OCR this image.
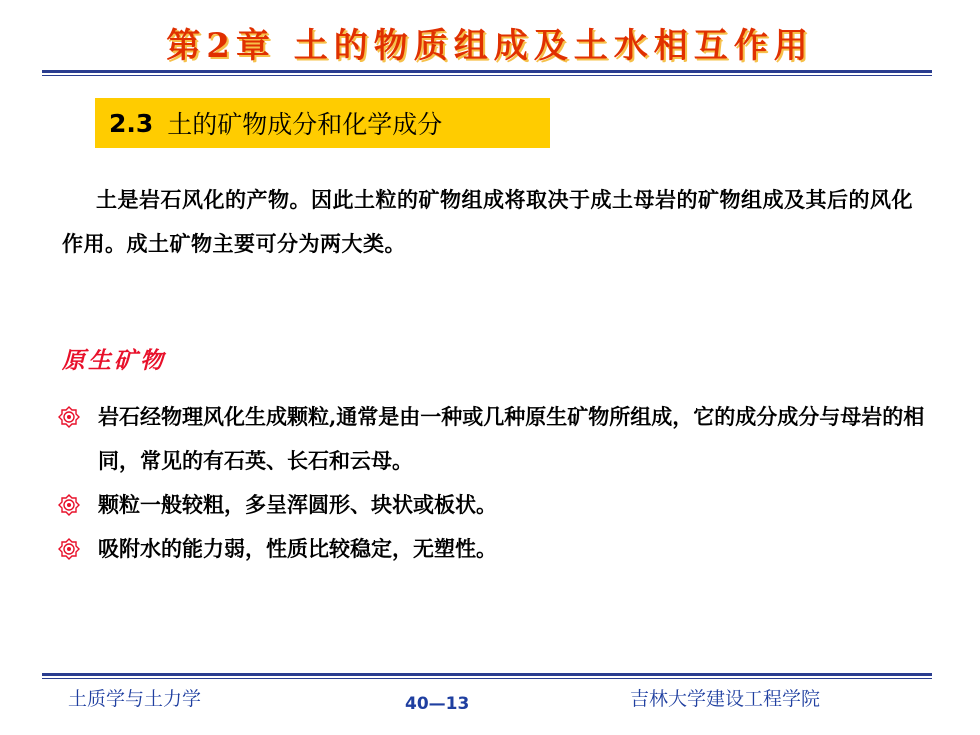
第2章 土的物质组成及土水相互作用
2.3 土的矿物成分和化学成分
土是岩石风化的产物。因此土粒的矿物组成将取决于成土母岩的矿物组成及其后的风化作用。成土矿物主要可分为两大类。
原生矿物
岩石经物理风化生成颗粒,通常是由一种或几种原生矿物所组成，它的成分成分与母岩的相同，常见的有石英、长石和云母。
颗粒一般较粗，多呈浑圆形、块状或板状。
吸附水的能力弱，性质比较稳定，无塑性。
土质学与土力学	40—13	吉林大学建设工程学院
